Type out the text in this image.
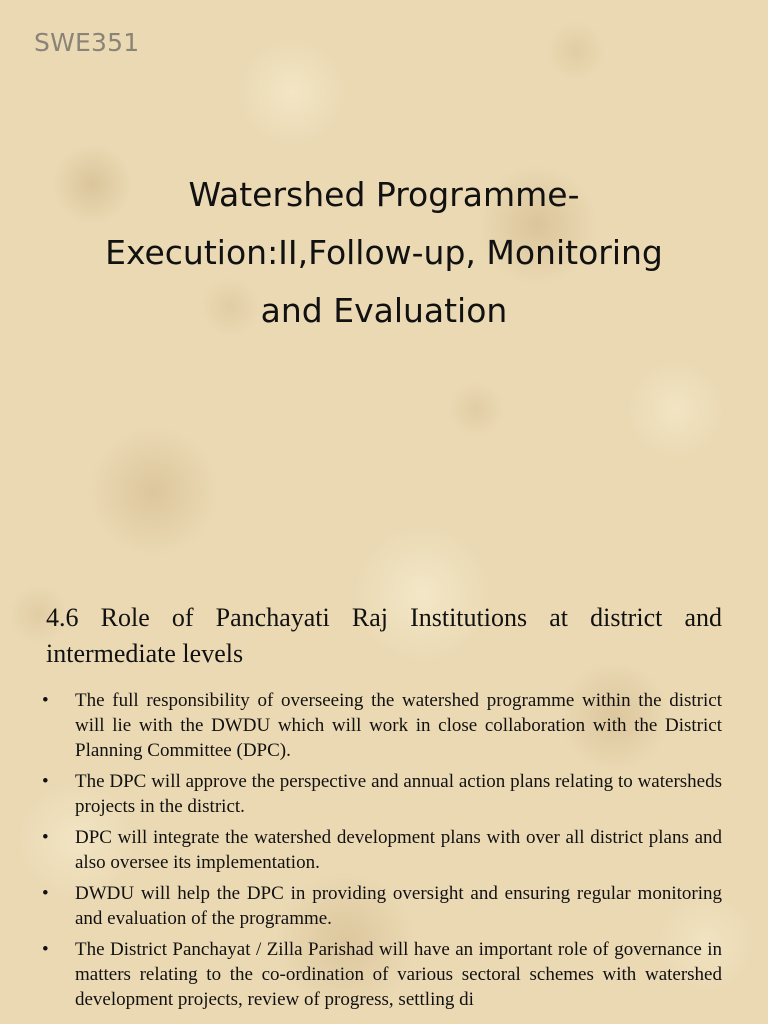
SWE351
Watershed Programme-
Execution:II,Follow-up, Monitoring
and Evaluation
4.6 Role of Panchayati Raj Institutions at district and intermediate levels
• The full responsibility of overseeing the watershed programme within the district will lie with the DWDU which will work in close collaboration with the District Planning Committee (DPC).
• The DPC will approve the perspective and annual action plans relating to watersheds projects in the district.
• DPC will integrate the watershed development plans with over all district plans and also oversee its implementation.
• DWDU will help the DPC in providing oversight and ensuring regular monitoring and evaluation of the programme.
• The District Panchayat / Zilla Parishad will have an important role of governance in matters relating to the co-ordination of various sectoral schemes with watershed development projects, review of progress, settling di
